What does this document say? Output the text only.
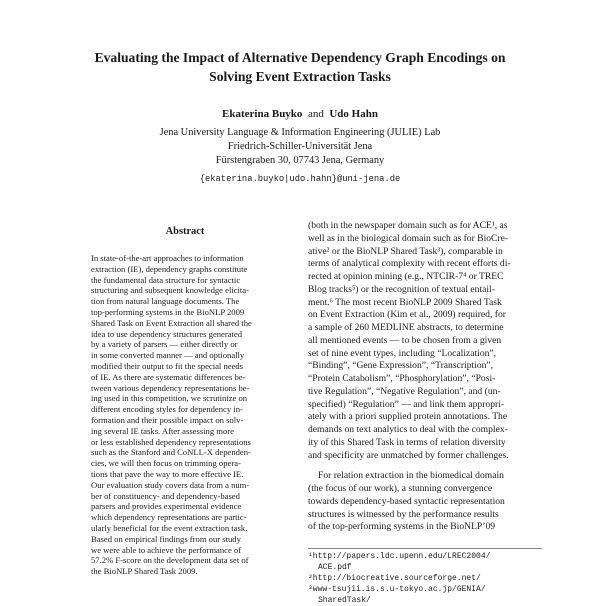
Evaluating the Impact of Alternative Dependency Graph Encodings on
Solving Event Extraction Tasks
Ekaterina Buyko and Udo Hahn
Jena University Language & Information Engineering (JULIE) Lab
Friedrich-Schiller-Universität Jena
Fürstengraben 30, 07743 Jena, Germany
{ekaterina.buyko|udo.hahn}@uni-jena.de
Abstract
In state-of-the-art approaches to information
extraction (IE), dependency graphs constitute
the fundamental data structure for syntactic
structuring and subsequent knowledge elicita-
tion from natural language documents. The
top-performing systems in the BioNLP 2009
Shared Task on Event Extraction all shared the
idea to use dependency structures generated
by a variety of parsers — either directly or
in some converted manner — and optionally
modified their output to fit the special needs
of IE. As there are systematic differences be-
tween various dependency representations be-
ing used in this competition, we scrutinize on
different encoding styles for dependency in-
formation and their possible impact on solv-
ing several IE tasks. After assessing more
or less established dependency representations
such as the Stanford and CoNLL-X dependen-
cies, we will then focus on trimming opera-
tions that pave the way to more effective IE.
Our evaluation study covers data from a num-
ber of constituency- and dependency-based
parsers and provides experimental evidence
which dependency representations are partic-
ularly beneficial for the event extraction task.
Based on empirical findings from our study
we were able to achieve the performance of
57.2% F-score on the development data set of
the BioNLP Shared Task 2009.
(both in the newspaper domain such as for ACE¹, as
well as in the biological domain such as for BioCre-
ative² or the BioNLP Shared Task³), comparable in
terms of analytical complexity with recent efforts di-
rected at opinion mining (e.g., NTCIR-7⁴ or TREC
Blog tracks⁵) or the recognition of textual entail-
ment.⁶ The most recent BioNLP 2009 Shared Task
on Event Extraction (Kim et al., 2009) required, for
a sample of 260 MEDLINE abstracts, to determine
all mentioned events — to be chosen from a given
set of nine event types, including “Localization”,
“Binding”, “Gene Expression”, “Transcription”,
“Protein Catabolism”, “Phosphorylation”, “Posi-
tive Regulation”, “Negative Regulation”, and (un-
specified) “Regulation” — and link them appropri-
ately with a priori supplied protein annotations. The
demands on text analytics to deal with the complex-
ity of this Shared Task in terms of relation diversity
and specificity are unmatched by former challenges.
For relation extraction in the biomedical domain
(the focus of our work), a stunning convergence
towards dependency-based syntactic representation
structures is witnessed by the performance results
of the top-performing systems in the BioNLP’09
¹http://papers.ldc.upenn.edu/LREC2004/
ACE.pdf
²http://biocreative.sourceforge.net/
³www-tsujii.is.s.u-tokyo.ac.jp/GENIA/
SharedTask/
